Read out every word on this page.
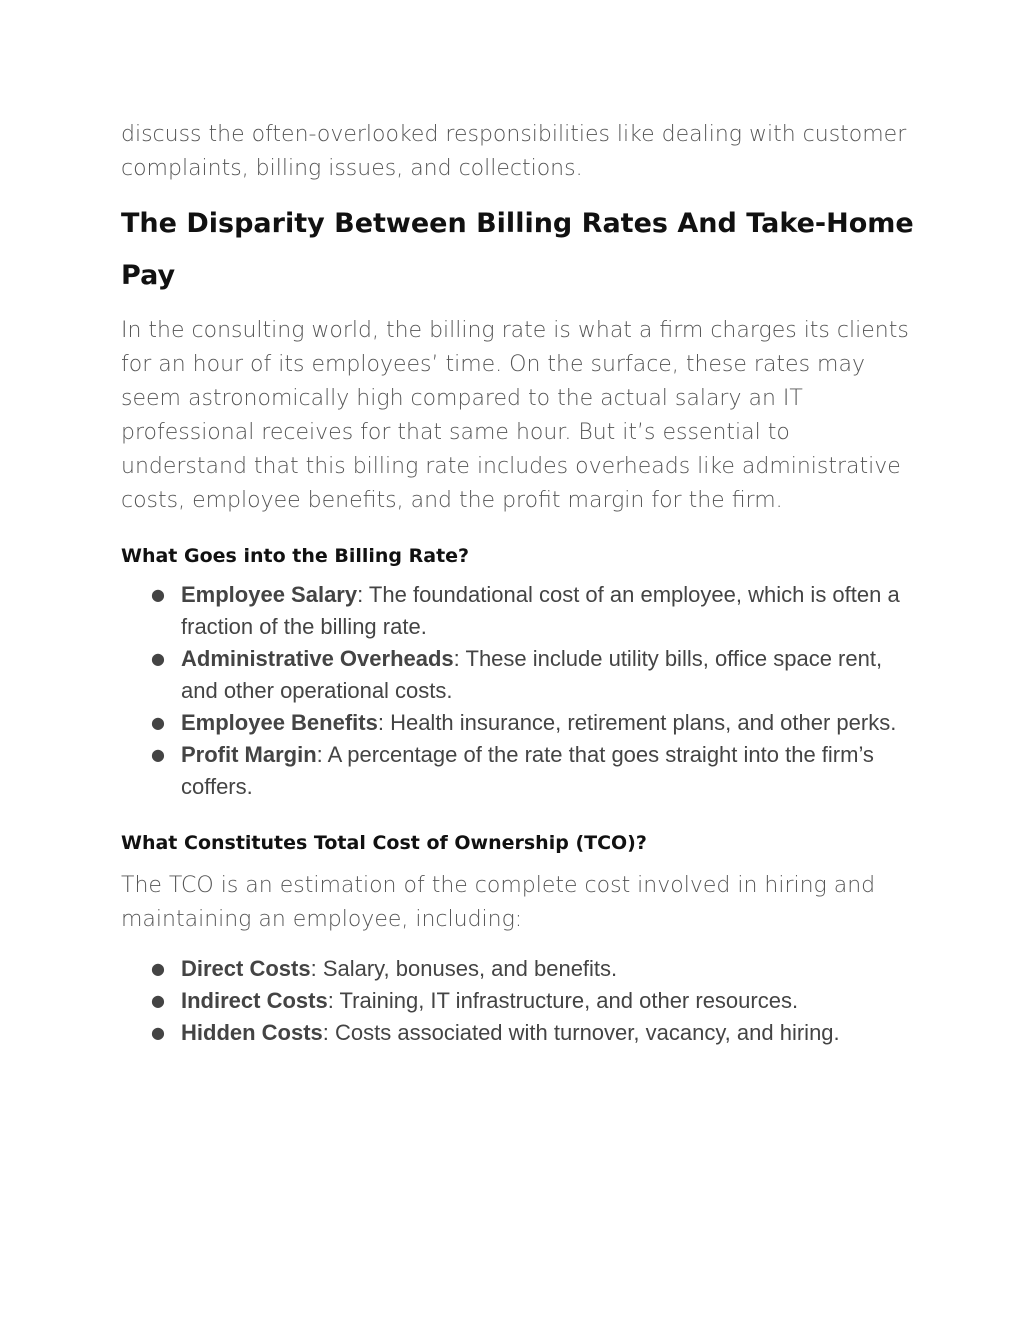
discuss the often-overlooked responsibilities like dealing with customer complaints, billing issues, and collections.

The Disparity Between Billing Rates And Take-Home Pay

In the consulting world, the billing rate is what a firm charges its clients for an hour of its employees’ time. On the surface, these rates may seem astronomically high compared to the actual salary an IT professional receives for that same hour. But it’s essential to understand that this billing rate includes overheads like administrative costs, employee benefits, and the profit margin for the firm.

What Goes into the Billing Rate?
● Employee Salary: The foundational cost of an employee, which is often a fraction of the billing rate.
● Administrative Overheads: These include utility bills, office space rent, and other operational costs.
● Employee Benefits: Health insurance, retirement plans, and other perks.
● Profit Margin: A percentage of the rate that goes straight into the firm’s coffers.
What Constitutes Total Cost of Ownership (TCO)?

The TCO is an estimation of the complete cost involved in hiring and maintaining an employee, including:

● Direct Costs: Salary, bonuses, and benefits.
● Indirect Costs: Training, IT infrastructure, and other resources.
● Hidden Costs: Costs associated with turnover, vacancy, and hiring.
